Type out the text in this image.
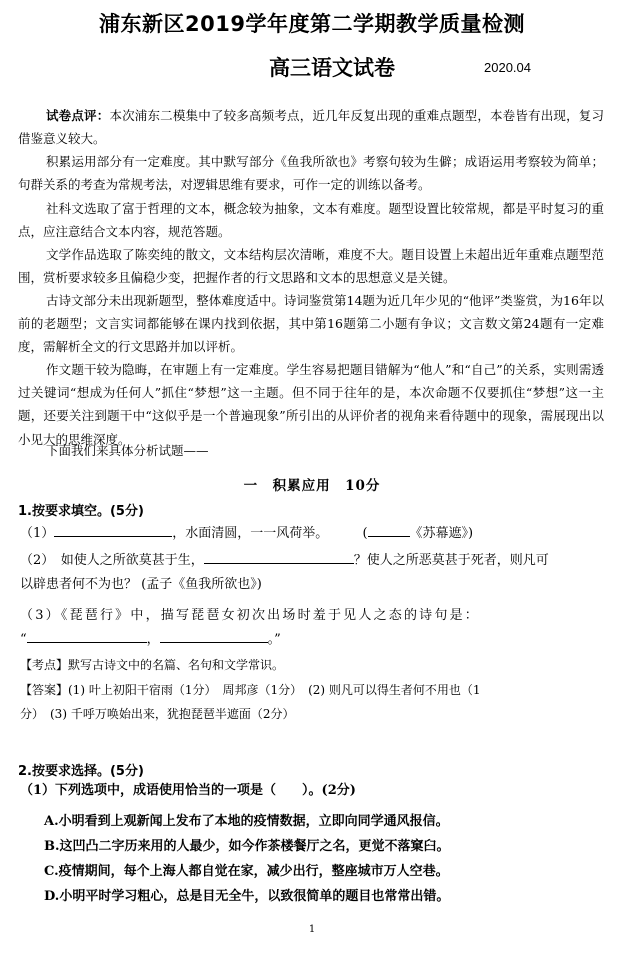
浦东新区2019学年度第二学期教学质量检测
高三语文试卷	2020.04

试卷点评：本次浦东二模集中了较多高频考点，近几年反复出现的重难点题型，本卷皆有出现，复习借鉴意义较大。

积累运用部分有一定难度。其中默写部分《鱼我所欲也》考察句较为生僻；成语运用考察较为简单；句群关系的考查为常规考法，对逻辑思维有要求，可作一定的训练以备考。

社科文选取了富于哲理的文本，概念较为抽象，文本有难度。题型设置比较常规，都是平时复习的重点，应注意结合文本内容，规范答题。

文学作品选取了陈奕纯的散文，文本结构层次清晰，难度不大。题目设置上未超出近年重难点题型范围，赏析要求较多且偏稳少变，把握作者的行文思路和文本的思想意义是关键。

古诗文部分未出现新题型，整体难度适中。诗词鉴赏第14题为近几年少见的“他评”类鉴赏，为16年以前的老题型；文言实词都能够在课内找到依据，其中第16题第二小题有争议；文言数文第24题有一定难度，需解析全文的行文思路并加以评析。

作文题干较为隐晦，在审题上有一定难度。学生容易把题目错解为“他人”和“自己”的关系，实则需透过关键词“想成为任何人”抓住“梦想”这一主题。但不同于往年的是，本次命题不仅要抓住“梦想”这一主题，还要关注到题干中“这似乎是一个普遍现象”所引出的从评价者的视角来看待题中的现象，需展现出以小见大的思维深度。

下面我们来具体分析试题——

一　积累应用　10分

1.按要求填空。(5分)

（1）	，水面清圆，一一风荷举。	(	《苏幕遮》)

（2）　如使人之所欲莫甚于生，	？使人之所恶莫甚于死者，则凡可

以辟患者何不为也？ (孟子《鱼我所欲也》)

（3）《琵琶行》中，描写琵琶女初次出场时羞于见人之态的诗句是：

“	，	。”

【考点】默写古诗文中的名篇、名句和文学常识。

【答案】(1) 叶上初阳干宿雨（1分）　周邦彦（1分）　(2) 则凡可以得生者何不用也（1

分）　(3) 千呼万唤始出来，犹抱琵琶半遮面（2分）

2.按要求选择。(5分)

（1）下列选项中，成语使用恰当的一项是（　　）。(2分)

A.小明看到上观新闻上发布了本地的疫情数据，立即向同学通风报信。

B.这凹凸二字历来用的人最少，如今作茶楼餐厅之名，更觉不落窠臼。

C.疫情期间，每个上海人都自觉在家，减少出行，整座城市万人空巷。

D.小明平时学习粗心，总是目无全牛，以致很简单的题目也常常出错。

1
